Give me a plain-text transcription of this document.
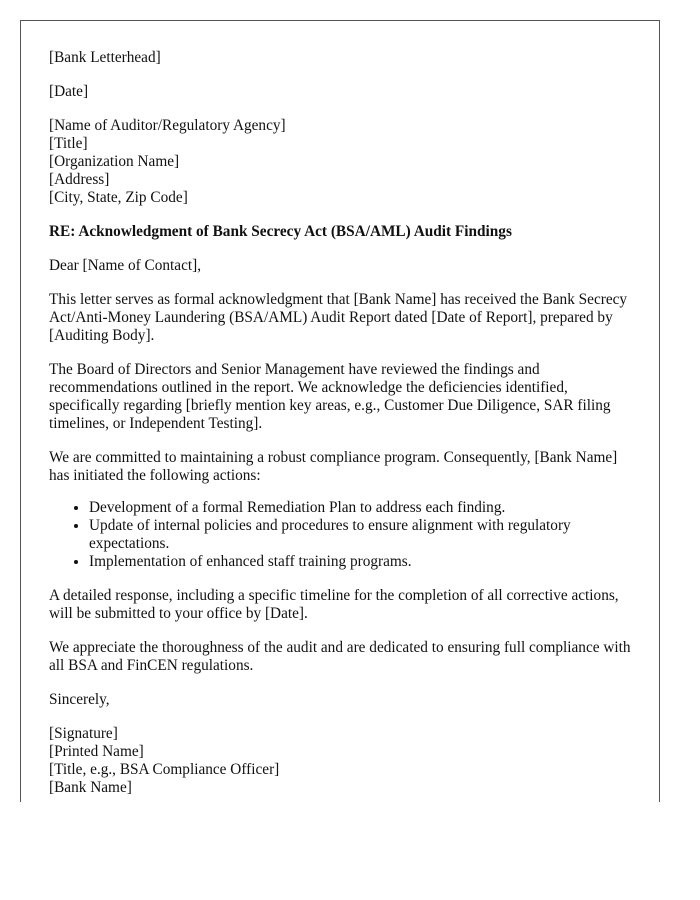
[Bank Letterhead]
[Date]
[Name of Auditor/Regulatory Agency]
[Title]
[Organization Name]
[Address]
[City, State, Zip Code]
RE: Acknowledgment of Bank Secrecy Act (BSA/AML) Audit Findings
Dear [Name of Contact],

This letter serves as formal acknowledgment that [Bank Name] has received the Bank Secrecy Act/Anti-Money Laundering (BSA/AML) Audit Report dated [Date of Report], prepared by [Auditing Body].

The Board of Directors and Senior Management have reviewed the findings and recommendations outlined in the report. We acknowledge the deficiencies identified, specifically regarding [briefly mention key areas, e.g., Customer Due Diligence, SAR filing timelines, or Independent Testing].

We are committed to maintaining a robust compliance program. Consequently, [Bank Name] has initiated the following actions:

• Development of a formal Remediation Plan to address each finding.
• Update of internal policies and procedures to ensure alignment with regulatory expectations.
• Implementation of enhanced staff training programs.

A detailed response, including a specific timeline for the completion of all corrective actions, will be submitted to your office by [Date].

We appreciate the thoroughness of the audit and are dedicated to ensuring full compliance with all BSA and FinCEN regulations.

Sincerely,
[Signature]
[Printed Name]
[Title, e.g., BSA Compliance Officer]
[Bank Name]
